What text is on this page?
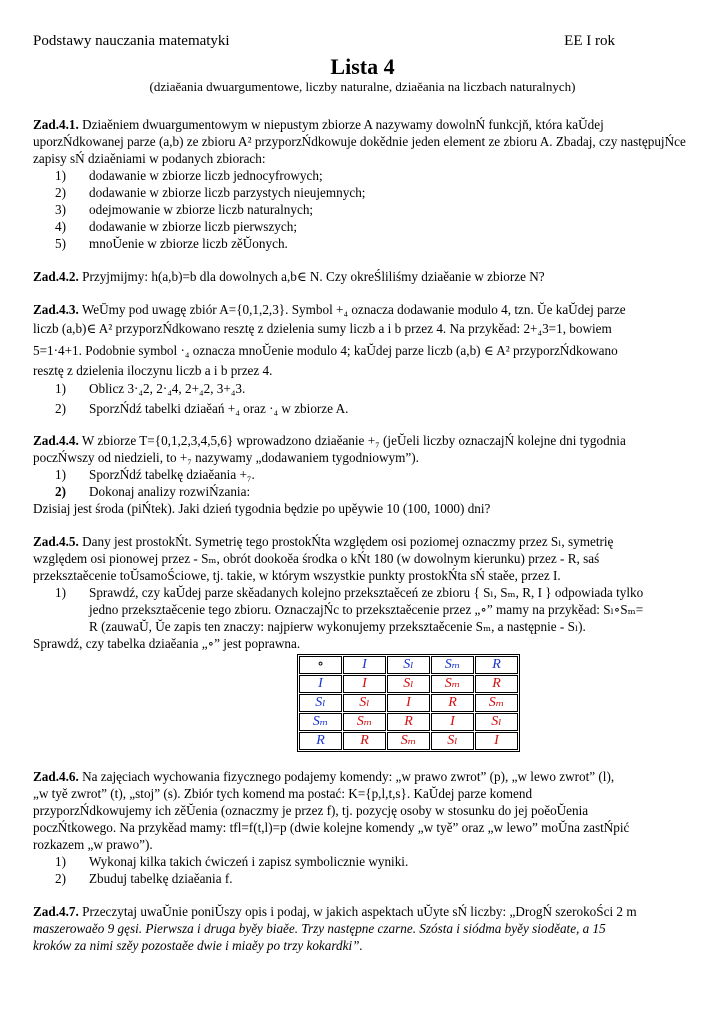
Podstawy nauczania matematyki	EE I rok
Lista 4
(dziaěania dwuargumentowe, liczby naturalne, dziaěania na liczbach naturalnych)
Zad.4.1. Dziaěniem dwuargumentowym w niepustym zbiorze A nazywamy dowolnŃ funkcjň, która kaŬdej uporzŃdkowanej parze (a,b) ze zbioru A² przyporzŃdkowuje dokědnie jeden element ze zbioru A. Zbadaj, czy następujŃce zapisy sŃ dziaěniami w podanych zbiorach:
1) dodawanie w zbiorze liczb jednocyfrowych;
2) dodawanie w zbiorze liczb parzystych nieujemnych;
3) odejmowanie w zbiorze liczb naturalnych;
4) dodawanie w zbiorze liczb pierwszych;
5) mnoŬenie w zbiorze liczb zěŬonych.
Zad.4.2. Przyjmijmy: h(a,b)=b dla dowolnych a,b∈ N. Czy okreŚliliśmy dziaěanie w zbiorze N?
Zad.4.3. WeŪmy pod uwagę zbiór A={0,1,2,3}. Symbol +₄ oznacza dodawanie modulo 4, tzn. Ŭe kaŬdej parze
liczb (a,b)∈ A² przyporzŃdkowano resztę z dzielenia sumy liczb a i b przez 4. Na przykěad: 2+₄3=1, bowiem
5=1·4+1. Podobnie symbol ·₄ oznacza mnoŬenie modulo 4; kaŬdej parze liczb (a,b) ∈ A² przyporzŃdkowano
resztę z dzielenia iloczynu liczb a i b przez 4.
1) Oblicz 3·₄2, 2·₄4, 2+₄2, 3+₄3.
2) SporzŃdź tabelki dziaěań +₄ oraz ·₄ w zbiorze A.
Zad.4.4. W zbiorze T={0,1,2,3,4,5,6} wprowadzono dziaěanie +₇ (jeŬeli liczby oznaczajŃ kolejne dni tygodnia
poczŃwszy od niedzieli, to +₇ nazywamy „dodawaniem tygodniowym”).
1) SporzŃdź tabelkę dziaěania +₇.
2) Dokonaj analizy rozwiŃzania:
Dzisiaj jest środa (piŃtek). Jaki dzień tygodnia będzie po upěywie 10 (100, 1000) dni?
Zad.4.5. Dany jest prostokŃt. Symetrię tego prostokŃta względem osi poziomej oznaczmy przez Sₗ, symetrię
względem osi pionowej przez - Sₘ, obrót dookoěa środka o kŃt 180 (w dowolnym kierunku) przez - R, saś
przeksztaěcenie toŬsamoŚciowe, tj. takie, w którym wszystkie punkty prostokŃta sŃ staěe, przez I.
1) Sprawdź, czy kaŬdej parze skěadanych kolejno przeksztaěceń ze zbioru { Sₗ, Sₘ, R, I } odpowiada tylko
jedno przeksztaěcenie tego zbioru. OznaczajŃc to przeksztaěcenie przez „∘” mamy na przykěad: Sₗ∘Sₘ=
R (zauwaŬ, Ŭe zapis ten znaczy: najpierw wykonujemy przeksztaěcenie Sₘ, a następnie - Sₗ).
Sprawdź, czy tabelka dziaěania „∘” jest poprawna.
∘	I	Sₗ	Sₘ	R
I	I	Sₗ	Sₘ	R
Sₗ	Sₗ	I	R	Sₘ
Sₘ	Sₘ	R	I	Sₗ
R	R	Sₘ	Sₗ	I
Zad.4.6. Na zajęciach wychowania fizycznego podajemy komendy: „w prawo zwrot” (p), „w lewo zwrot” (l),
„w tyě zwrot” (t), „stoj” (s). Zbiór tych komend ma postać: K={p,l,t,s}. KaŬdej parze komend
przyporzŃdkowujemy ich zěŬenia (oznaczmy je przez f), tj. pozycję osoby w stosunku do jej poěoŬenia
poczŃtkowego. Na przykěad mamy: tfl=f(t,l)=p (dwie kolejne komendy „w tyě” oraz „w lewo” moŬna zastŃpić
rozkazem „w prawo”).
1) Wykonaj kilka takich ćwiczeń i zapisz symbolicznie wyniki.
2) Zbuduj tabelkę dziaěania f.
Zad.4.7. Przeczytaj uwaŬnie poniŬszy opis i podaj, w jakich aspektach uŬyte sŃ liczby: „DrogŃ szerokoŚci 2 m
maszerowaěo 9 gęsi. Pierwsza i druga byěy biaěe. Trzy następne czarne. Szósta i siódma byěy sioděate, a 15
kroków za nimi szěy pozostaěe dwie i miaěy po trzy kokardki”.
